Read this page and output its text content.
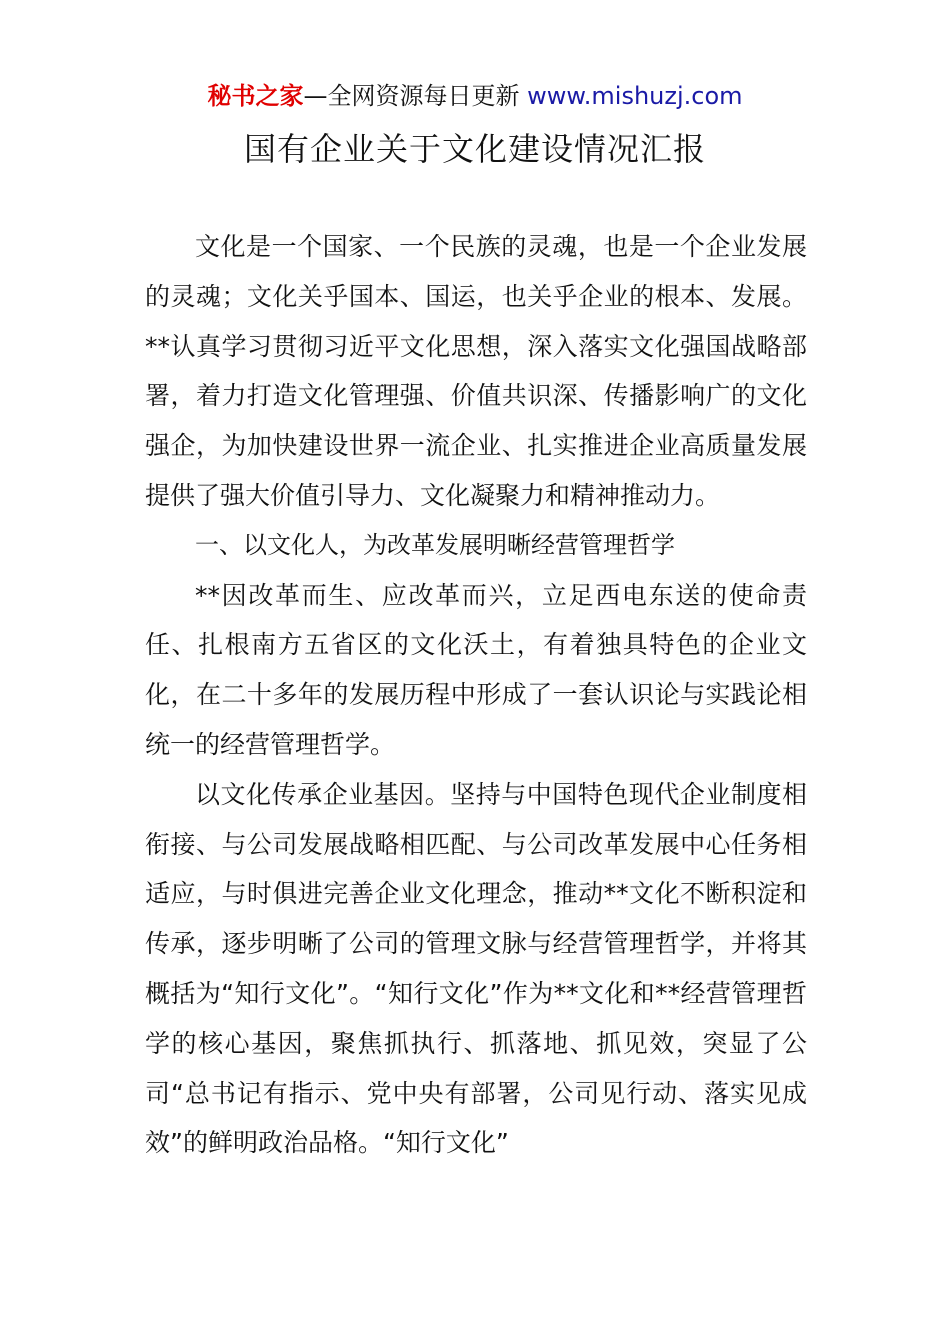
秘书之家—全网资源每日更新 www.mishuzj.com
国有企业关于文化建设情况汇报

文化是一个国家、一个民族的灵魂，也是一个企业发展的灵魂；文化关乎国本、国运，也关乎企业的根本、发展。**认真学习贯彻习近平文化思想，深入落实文化强国战略部署，着力打造文化管理强、价值共识深、传播影响广的文化强企，为加快建设世界一流企业、扎实推进企业高质量发展提供了强大价值引导力、文化凝聚力和精神推动力。

一、以文化人，为改革发展明晰经营管理哲学

**因改革而生、应改革而兴，立足西电东送的使命责任、扎根南方五省区的文化沃土，有着独具特色的企业文化，在二十多年的发展历程中形成了一套认识论与实践论相统一的经营管理哲学。

以文化传承企业基因。坚持与中国特色现代企业制度相衔接、与公司发展战略相匹配、与公司改革发展中心任务相适应，与时俱进完善企业文化理念，推动**文化不断积淀和传承，逐步明晰了公司的管理文脉与经营管理哲学，并将其概括为“知行文化”。“知行文化”作为**文化和**经营管理哲学的核心基因，聚焦抓执行、抓落地、抓见效，突显了公司“总书记有指示、党中央有部署，公司见行动、落实见成效”的鲜明政治品格。“知行文化”
